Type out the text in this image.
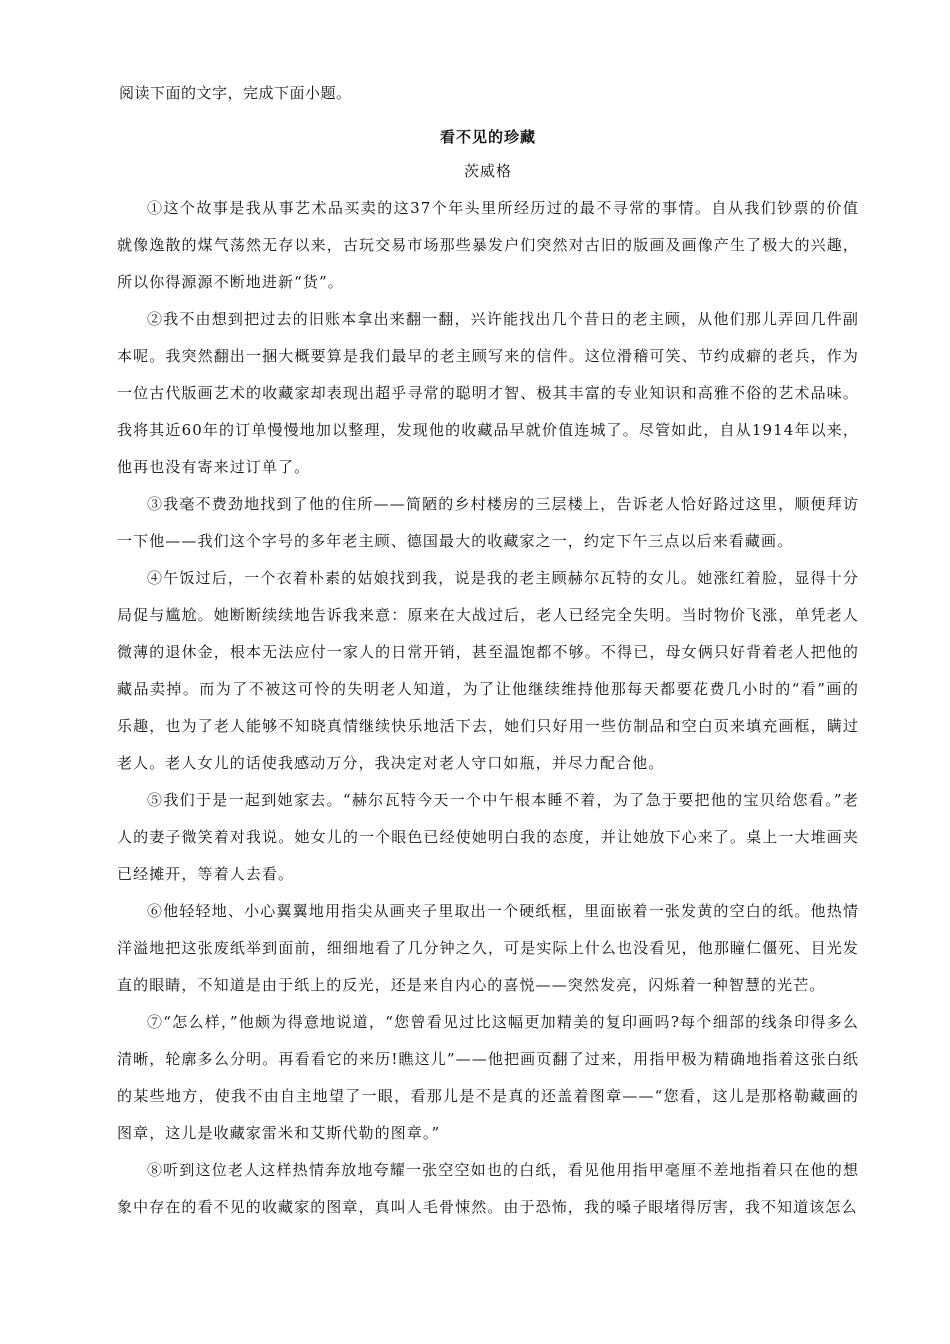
阅读下面的文字，完成下面小题。

看不见的珍藏

茨威格

①这个故事是我从事艺术品买卖的这37个年头里所经历过的最不寻常的事情。自从我们钞票的价值就像逸散的煤气荡然无存以来，古玩交易市场那些暴发户们突然对古旧的版画及画像产生了极大的兴趣，所以你得源源不断地进新“货”。

②我不由想到把过去的旧账本拿出来翻一翻，兴许能找出几个昔日的老主顾，从他们那儿弄回几件副本呢。我突然翻出一捆大概要算是我们最早的老主顾写来的信件。这位滑稽可笑、节约成癖的老兵，作为一位古代版画艺术的收藏家却表现出超乎寻常的聪明才智、极其丰富的专业知识和高雅不俗的艺术品味。我将其近60年的订单慢慢地加以整理，发现他的收藏品早就价值连城了。尽管如此，自从1914年以来，他再也没有寄来过订单了。

③我毫不费劲地找到了他的住所——简陋的乡村楼房的三层楼上，告诉老人恰好路过这里，顺便拜访一下他——我们这个字号的多年老主顾、德国最大的收藏家之一，约定下午三点以后来看藏画。

④午饭过后，一个衣着朴素的姑娘找到我，说是我的老主顾赫尔瓦特的女儿。她涨红着脸，显得十分局促与尴尬。她断断续续地告诉我来意：原来在大战过后，老人已经完全失明。当时物价飞涨，单凭老人微薄的退休金，根本无法应付一家人的日常开销，甚至温饱都不够。不得已，母女俩只好背着老人把他的藏品卖掉。而为了不被这可怜的失明老人知道，为了让他继续维持他那每天都要花费几小时的“看”画的乐趣，也为了老人能够不知晓真情继续快乐地活下去，她们只好用一些仿制品和空白页来填充画框，瞒过老人。老人女儿的话使我感动万分，我决定对老人守口如瓶，并尽力配合他。

⑤我们于是一起到她家去。“赫尔瓦特今天一个中午根本睡不着，为了急于要把他的宝贝给您看。”老人的妻子微笑着对我说。她女儿的一个眼色已经使她明白我的态度，并让她放下心来了。桌上一大堆画夹已经摊开，等着人去看。

⑥他轻轻地、小心翼翼地用指尖从画夹子里取出一个硬纸框，里面嵌着一张发黄的空白的纸。他热情洋溢地把这张废纸举到面前，细细地看了几分钟之久，可是实际上什么也没看见，他那瞳仁僵死、目光发直的眼睛，不知道是由于纸上的反光，还是来自内心的喜悦——突然发亮，闪烁着一种智慧的光芒。

⑦“怎么样，”他颇为得意地说道，“您曾看见过比这幅更加精美的复印画吗?每个细部的线条印得多么清晰，轮廓多么分明。再看看它的来历!瞧这儿”——他把画页翻了过来，用指甲极为精确地指着这张白纸的某些地方，使我不由自主地望了一眼，看那儿是不是真的还盖着图章——“您看，这儿是那格勒藏画的图章，这儿是收藏家雷米和艾斯代勒的图章。”

⑧听到这位老人这样热情奔放地夸耀一张空空如也的白纸，看见他用指甲毫厘不差地指着只在他的想象中存在的看不见的收藏家的图章，真叫人毛骨悚然。由于恐怖，我的嗓子眼堵得厉害，我不知道该怎么
